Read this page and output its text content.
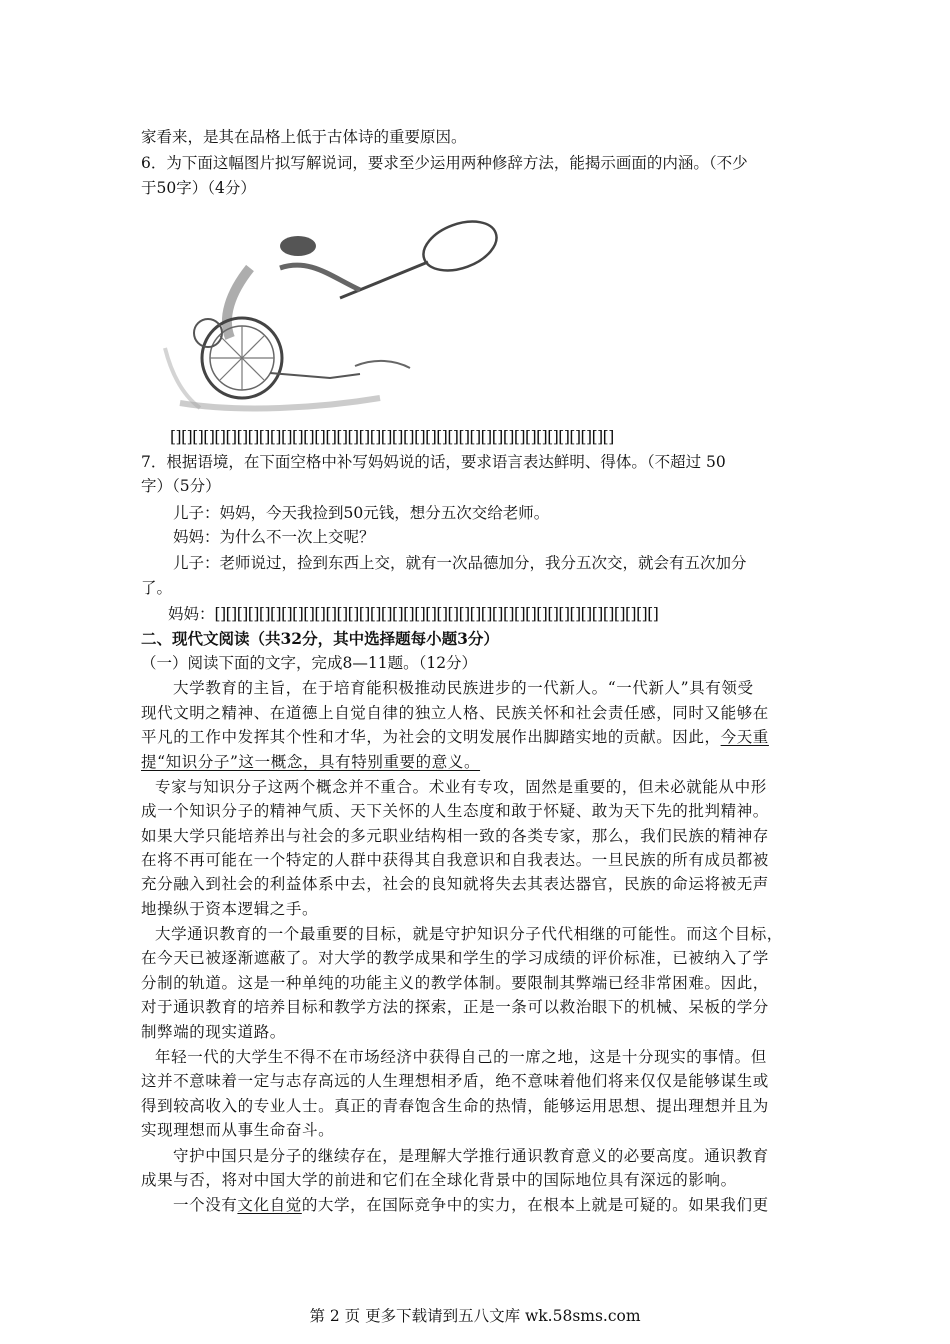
家看来，是其在品格上低于古体诗的重要原因。
6．为下面这幅图片拟写解说词，要求至少运用两种修辞方法，能揭示画面的内涵。（不少
于50字）（4分）
[][][][][][][][][][][][][][][][][][][][][][][][][][][][][][][][][][][][][][][][]
7．根据语境，在下面空格中补写妈妈说的话，要求语言表达鲜明、得体。（不超过 50
字）（5分）
儿子：妈妈，今天我捡到50元钱，想分五次交给老师。
妈妈：为什么不一次上交呢？
儿子：老师说过，捡到东西上交，就有一次品德加分，我分五次交，就会有五次加分
了。
妈妈：[][][][][][][][][][][][][][][][][][][][][][][][][][][][][][][][][][][][][][][][]
二、现代文阅读（共32分，其中选择题每小题3分）
（一）阅读下面的文字，完成8—11题。（12分）
大学教育的主旨，在于培育能积极推动民族进步的一代新人。“一代新人”具有领受
现代文明之精神、在道德上自觉自律的独立人格、民族关怀和社会责任感，同时又能够在
平凡的工作中发挥其个性和才华，为社会的文明发展作出脚踏实地的贡献。因此，今天重
提“知识分子”这一概念，具有特别重要的意义。
专家与知识分子这两个概念并不重合。术业有专攻，固然是重要的，但未必就能从中形
成一个知识分子的精神气质、天下关怀的人生态度和敢于怀疑、敢为天下先的批判精神。
如果大学只能培养出与社会的多元职业结构相一致的各类专家，那么，我们民族的精神存
在将不再可能在一个特定的人群中获得其自我意识和自我表达。一旦民族的所有成员都被
充分融入到社会的利益体系中去，社会的良知就将失去其表达器官，民族的命运将被无声
地操纵于资本逻辑之手。
大学通识教育的一个最重要的目标，就是守护知识分子代代相继的可能性。而这个目标，
在今天已被逐渐遮蔽了。对大学的教学成果和学生的学习成绩的评价标准，已被纳入了学
分制的轨道。这是一种单纯的功能主义的教学体制。要限制其弊端已经非常困难。因此，
对于通识教育的培养目标和教学方法的探索，正是一条可以救治眼下的机械、呆板的学分
制弊端的现实道路。
年轻一代的大学生不得不在市场经济中获得自己的一席之地，这是十分现实的事情。但
这并不意味着一定与志存高远的人生理想相矛盾，绝不意味着他们将来仅仅是能够谋生或
得到较高收入的专业人士。真正的青春饱含生命的热情，能够运用思想、提出理想并且为
实现理想而从事生命奋斗。
守护中国只是分子的继续存在，是理解大学推行通识教育意义的必要高度。通识教育
成果与否，将对中国大学的前进和它们在全球化背景中的国际地位具有深远的影响。
一个没有文化自觉的大学，在国际竞争中的实力，在根本上就是可疑的。如果我们更
第 2 页 更多下载请到五八文库 wk.58sms.com
